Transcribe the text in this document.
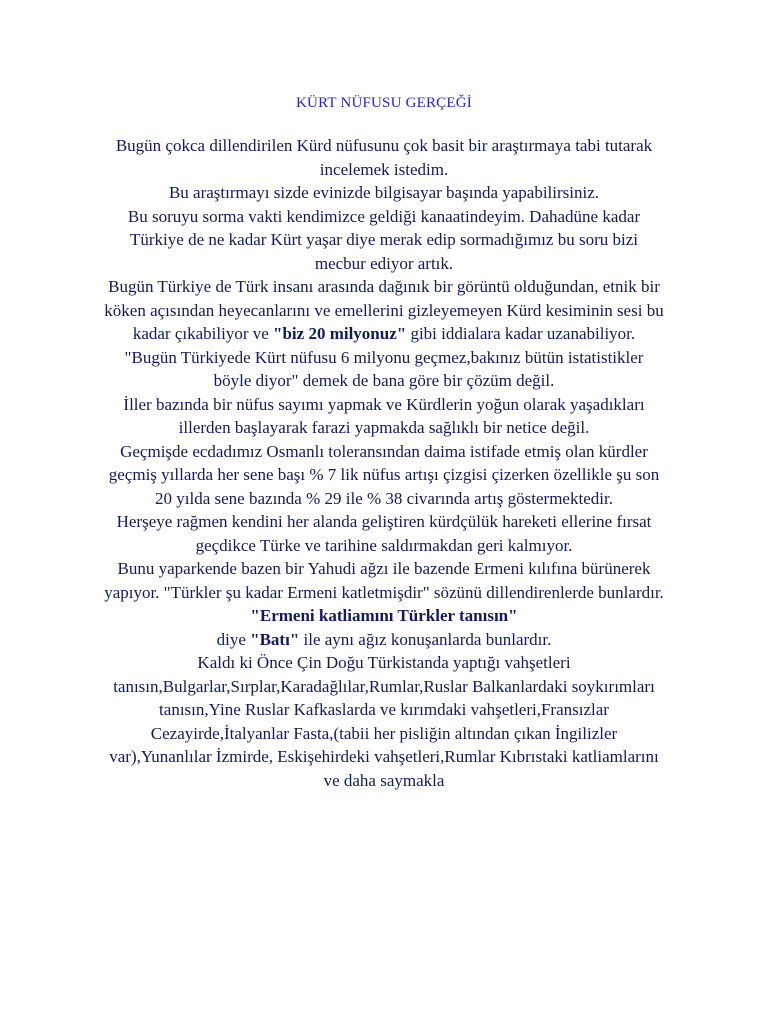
KÜRT NÜFUSU GERÇEĞİ

Bugün çokca dillendirilen Kürd nüfusunu çok basit bir araştırmaya tabi tutarak incelemek istedim.

Bu araştırmayı sizde evinizde bilgisayar başında yapabilirsiniz.

Bu soruyu sorma vakti kendimizce geldiği kanaatindeyim. Dahadüne kadar Türkiye de ne kadar Kürt yaşar diye merak edip sormadığımız bu soru bizi mecbur ediyor artık.

Bugün Türkiye de Türk insanı arasında dağınık bir görüntü olduğundan, etnik bir köken açısından heyecanlarını ve emellerini gizleyemeyen Kürd kesiminin sesi bu kadar çıkabiliyor ve "biz 20 milyonuz" gibi iddialara kadar uzanabiliyor.

"Bugün Türkiyede Kürt nüfusu 6 milyonu geçmez,bakınız bütün istatistikler böyle diyor" demek de bana göre bir çözüm değil.

İller bazında bir nüfus sayımı yapmak ve Kürdlerin yoğun olarak yaşadıkları illerden başlayarak farazi yapmakda sağlıklı bir netice değil.

Geçmişde ecdadımız Osmanlı toleransından daima istifade etmiş olan kürdler geçmiş yıllarda her sene başı % 7 lik nüfus artışı çizgisi çizerken özellikle şu son 20 yılda sene bazında % 29 ile % 38 civarında artış göstermektedir.

Herşeye rağmen kendini her alanda geliştiren kürdçülük hareketi ellerine fırsat geçdikce Türke ve tarihine saldırmakdan geri kalmıyor.

Bunu yaparkende bazen bir Yahudi ağzı ile bazende Ermeni kılıfına bürünerek yapıyor. "Türkler şu kadar Ermeni katletmişdir" sözünü dillendirenlerde bunlardır.

"Ermeni katliamını Türkler tanısın"

diye "Batı" ile aynı ağız konuşanlarda bunlardır.

Kaldı ki Önce Çin Doğu Türkistanda yaptığı vahşetleri tanısın,Bulgarlar,Sırplar,Karadağlılar,Rumlar,Ruslar Balkanlardaki soykırımları tanısın,Yine Ruslar Kafkaslarda ve kırımdaki vahşetleri,Fransızlar Cezayirde,İtalyanlar Fasta,(tabii her pisliğin altından çıkan İngilizler var),Yunanlılar İzmirde, Eskişehirdeki vahşetleri,Rumlar Kıbrıstaki katliamlarını ve daha saymakla
